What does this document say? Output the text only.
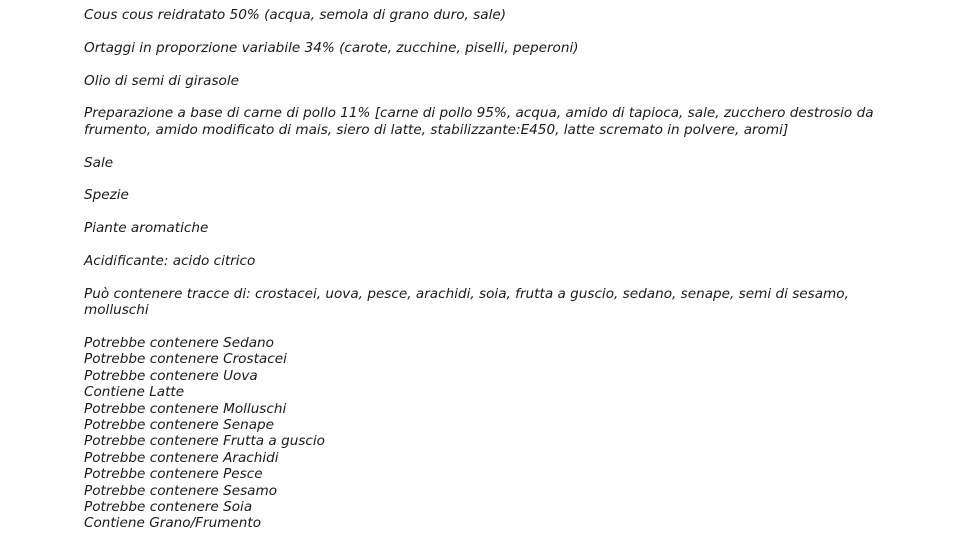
Cous cous reidratato 50% (acqua, semola di grano duro, sale)

Ortaggi in proporzione variabile 34% (carote, zucchine, piselli, peperoni)

Olio di semi di girasole

Preparazione a base di carne di pollo 11% [carne di pollo 95%, acqua, amido di tapioca, sale, zucchero destrosio da
frumento, amido modificato di mais, siero di latte, stabilizzante:E450, latte scremato in polvere, aromi]

Sale

Spezie

Piante aromatiche

Acidificante: acido citrico

Può contenere tracce di: crostacei, uova, pesce, arachidi, soia, frutta a guscio, sedano, senape, semi di sesamo,
molluschi

Potrebbe contenere Sedano
Potrebbe contenere Crostacei
Potrebbe contenere Uova
Contiene Latte
Potrebbe contenere Molluschi
Potrebbe contenere Senape
Potrebbe contenere Frutta a guscio
Potrebbe contenere Arachidi
Potrebbe contenere Pesce
Potrebbe contenere Sesamo
Potrebbe contenere Soia
Contiene Grano/Frumento
